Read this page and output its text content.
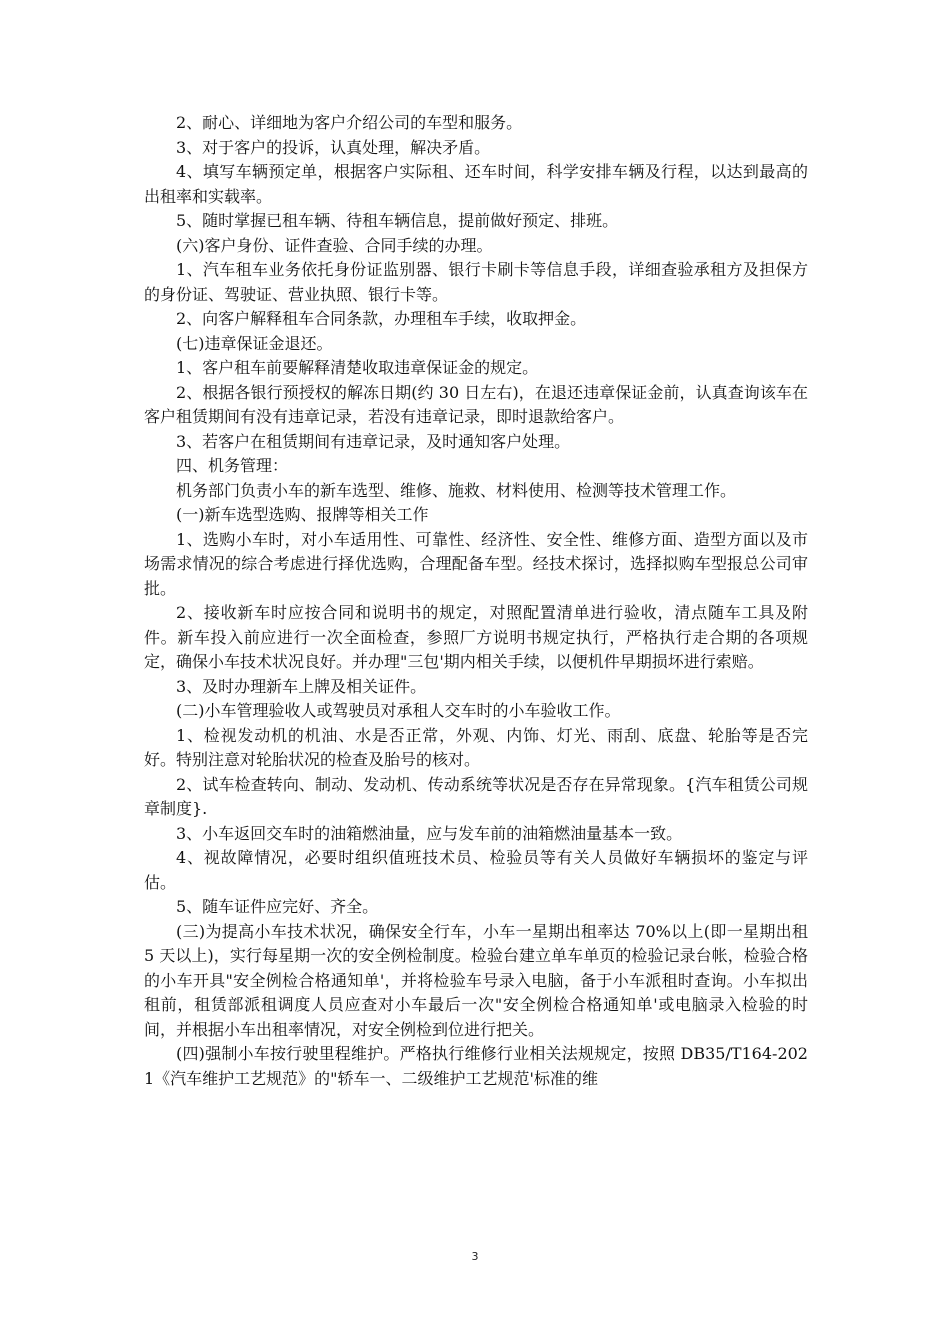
2、耐心、详细地为客户介绍公司的车型和服务。

3、对于客户的投诉，认真处理，解决矛盾。

4、填写车辆预定单，根据客户实际租、还车时间，科学安排车辆及行程，以达到最高的出租率和实载率。

5、随时掌握已租车辆、待租车辆信息，提前做好预定、排班。

(六)客户身份、证件查验、合同手续的办理。

1、汽车租车业务依托身份证监别器、银行卡刷卡等信息手段，详细查验承租方及担保方的身份证、驾驶证、营业执照、银行卡等。

2、向客户解释租车合同条款，办理租车手续，收取押金。

(七)违章保证金退还。

1、客户租车前要解释清楚收取违章保证金的规定。

2、根据各银行预授权的解冻日期(约 30 日左右)，在退还违章保证金前，认真查询该车在客户租赁期间有没有违章记录，若没有违章记录，即时退款给客户。

3、若客户在租赁期间有违章记录，及时通知客户处理。

四、机务管理：

机务部门负责小车的新车选型、维修、施救、材料使用、检测等技术管理工作。

(一)新车选型选购、报牌等相关工作

1、选购小车时，对小车适用性、可靠性、经济性、安全性、维修方面、造型方面以及市场需求情况的综合考虑进行择优选购，合理配备车型。经技术探讨，选择拟购车型报总公司审批。

2、接收新车时应按合同和说明书的规定，对照配置清单进行验收，清点随车工具及附件。新车投入前应进行一次全面检查，参照厂方说明书规定执行，严格执行走合期的各项规定，确保小车技术状况良好。并办理"三包'期内相关手续，以便机件早期损坏进行索赔。

3、及时办理新车上牌及相关证件。

(二)小车管理验收人或驾驶员对承租人交车时的小车验收工作。

1、检视发动机的机油、水是否正常，外观、内饰、灯光、雨刮、底盘、轮胎等是否完好。特别注意对轮胎状况的检查及胎号的核对。

2、试车检查转向、制动、发动机、传动系统等状况是否存在异常现象。{汽车租赁公司规章制度}.

3、小车返回交车时的油箱燃油量，应与发车前的油箱燃油量基本一致。

4、视故障情况，必要时组织值班技术员、检验员等有关人员做好车辆损坏的鉴定与评估。

5、随车证件应完好、齐全。

(三)为提高小车技术状况，确保安全行车，小车一星期出租率达 70%以上(即一星期出租 5 天以上)，实行每星期一次的安全例检制度。检验台建立单车单页的检验记录台帐，检验合格的小车开具"安全例检合格通知单'，并将检验车号录入电脑，备于小车派租时查询。小车拟出租前，租赁部派租调度人员应查对小车最后一次"安全例检合格通知单'或电脑录入检验的时间，并根据小车出租率情况，对安全例检到位进行把关。

(四)强制小车按行驶里程维护。严格执行维修行业相关法规规定，按照 DB35/T164-2021《汽车维护工艺规范》的"轿车一、二级维护工艺规范'标准的维

3
